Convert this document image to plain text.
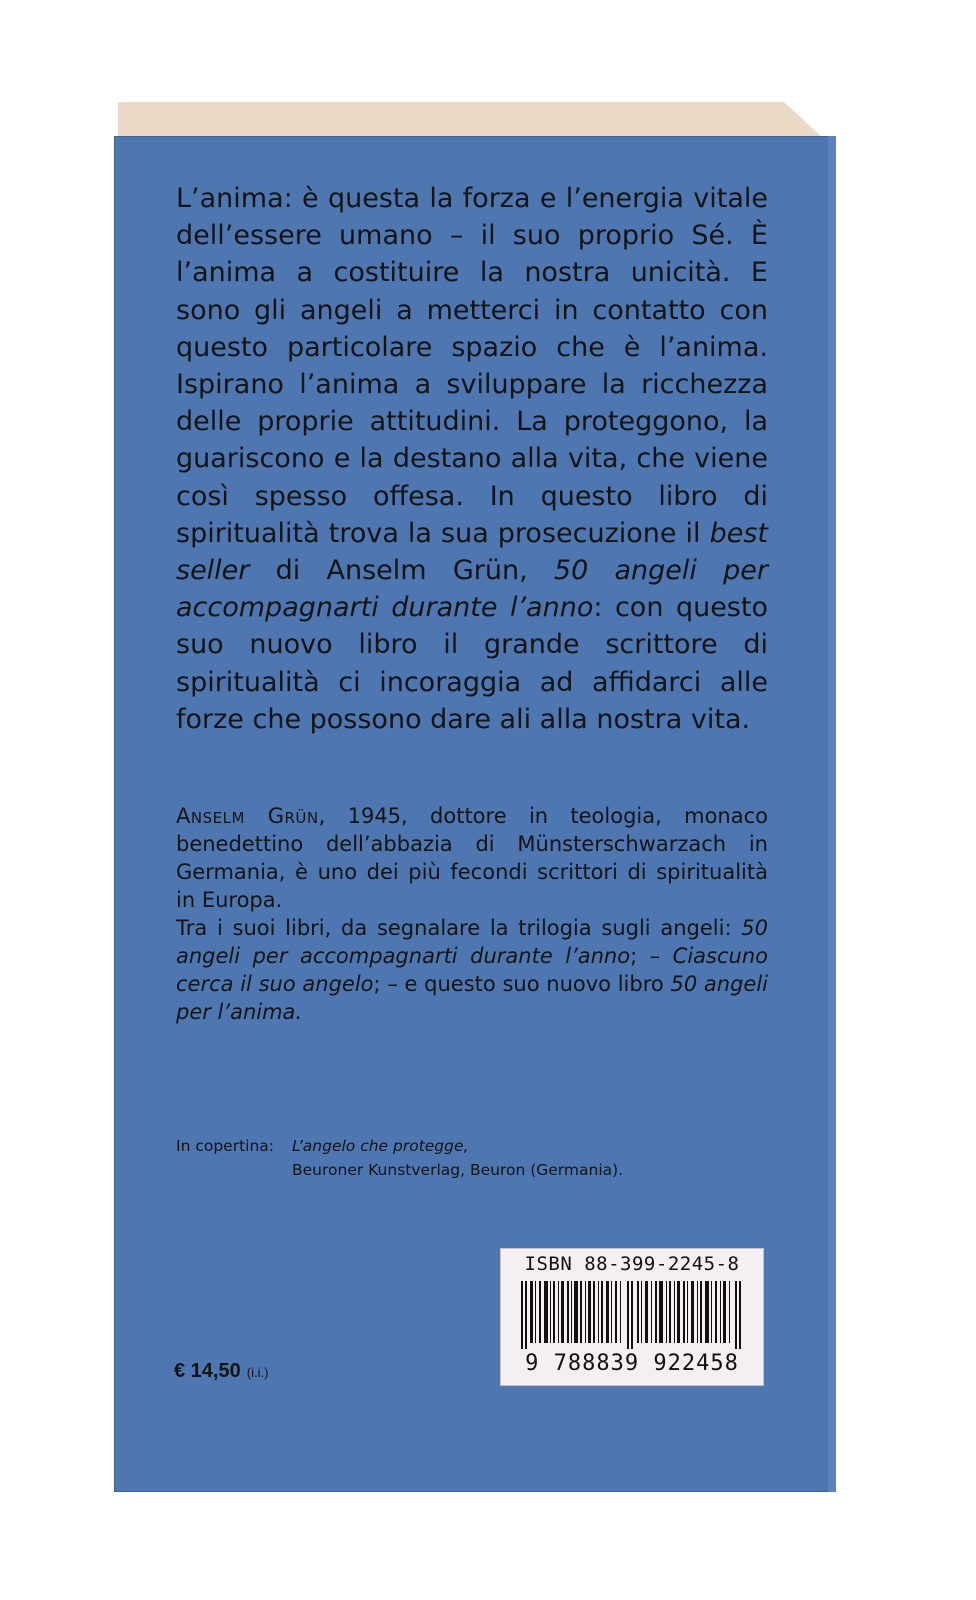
L’anima: è questa la forza e l’energia vitale dell’essere umano – il suo proprio Sé. È l’anima a costituire la nostra unicità. E sono gli angeli a metterci in contatto con questo particolare spazio che è l’anima. Ispirano l’anima a sviluppare la ricchezza delle proprie attitudini. La proteggono, la guariscono e la destano alla vita, che viene così spesso offesa. In questo libro di spiritualità trova la sua prosecuzione il best seller di Anselm Grün, 50 angeli per accompagnarti durante l’anno: con questo suo nuovo libro il grande scrittore di spiritualità ci incoraggia ad affidarci alle forze che possono dare ali alla nostra vita.

Anselm Grün, 1945, dottore in teologia, monaco benedettino dell’abbazia di Münsterschwarzach in Germania, è uno dei più fecondi scrittori di spiritualità in Europa.

Tra i suoi libri, da segnalare la trilogia sugli angeli: 50 angeli per accompagnarti durante l’anno; – Ciascuno cerca il suo angelo; – e questo suo nuovo libro 50 angeli per l’anima.

In copertina:	L’angelo che protegge,
Beuroner Kunstverlag, Beuron (Germania).
ISBN 88-399-2245-8
9 788839 922458
€ 14,50 (i.i.)
